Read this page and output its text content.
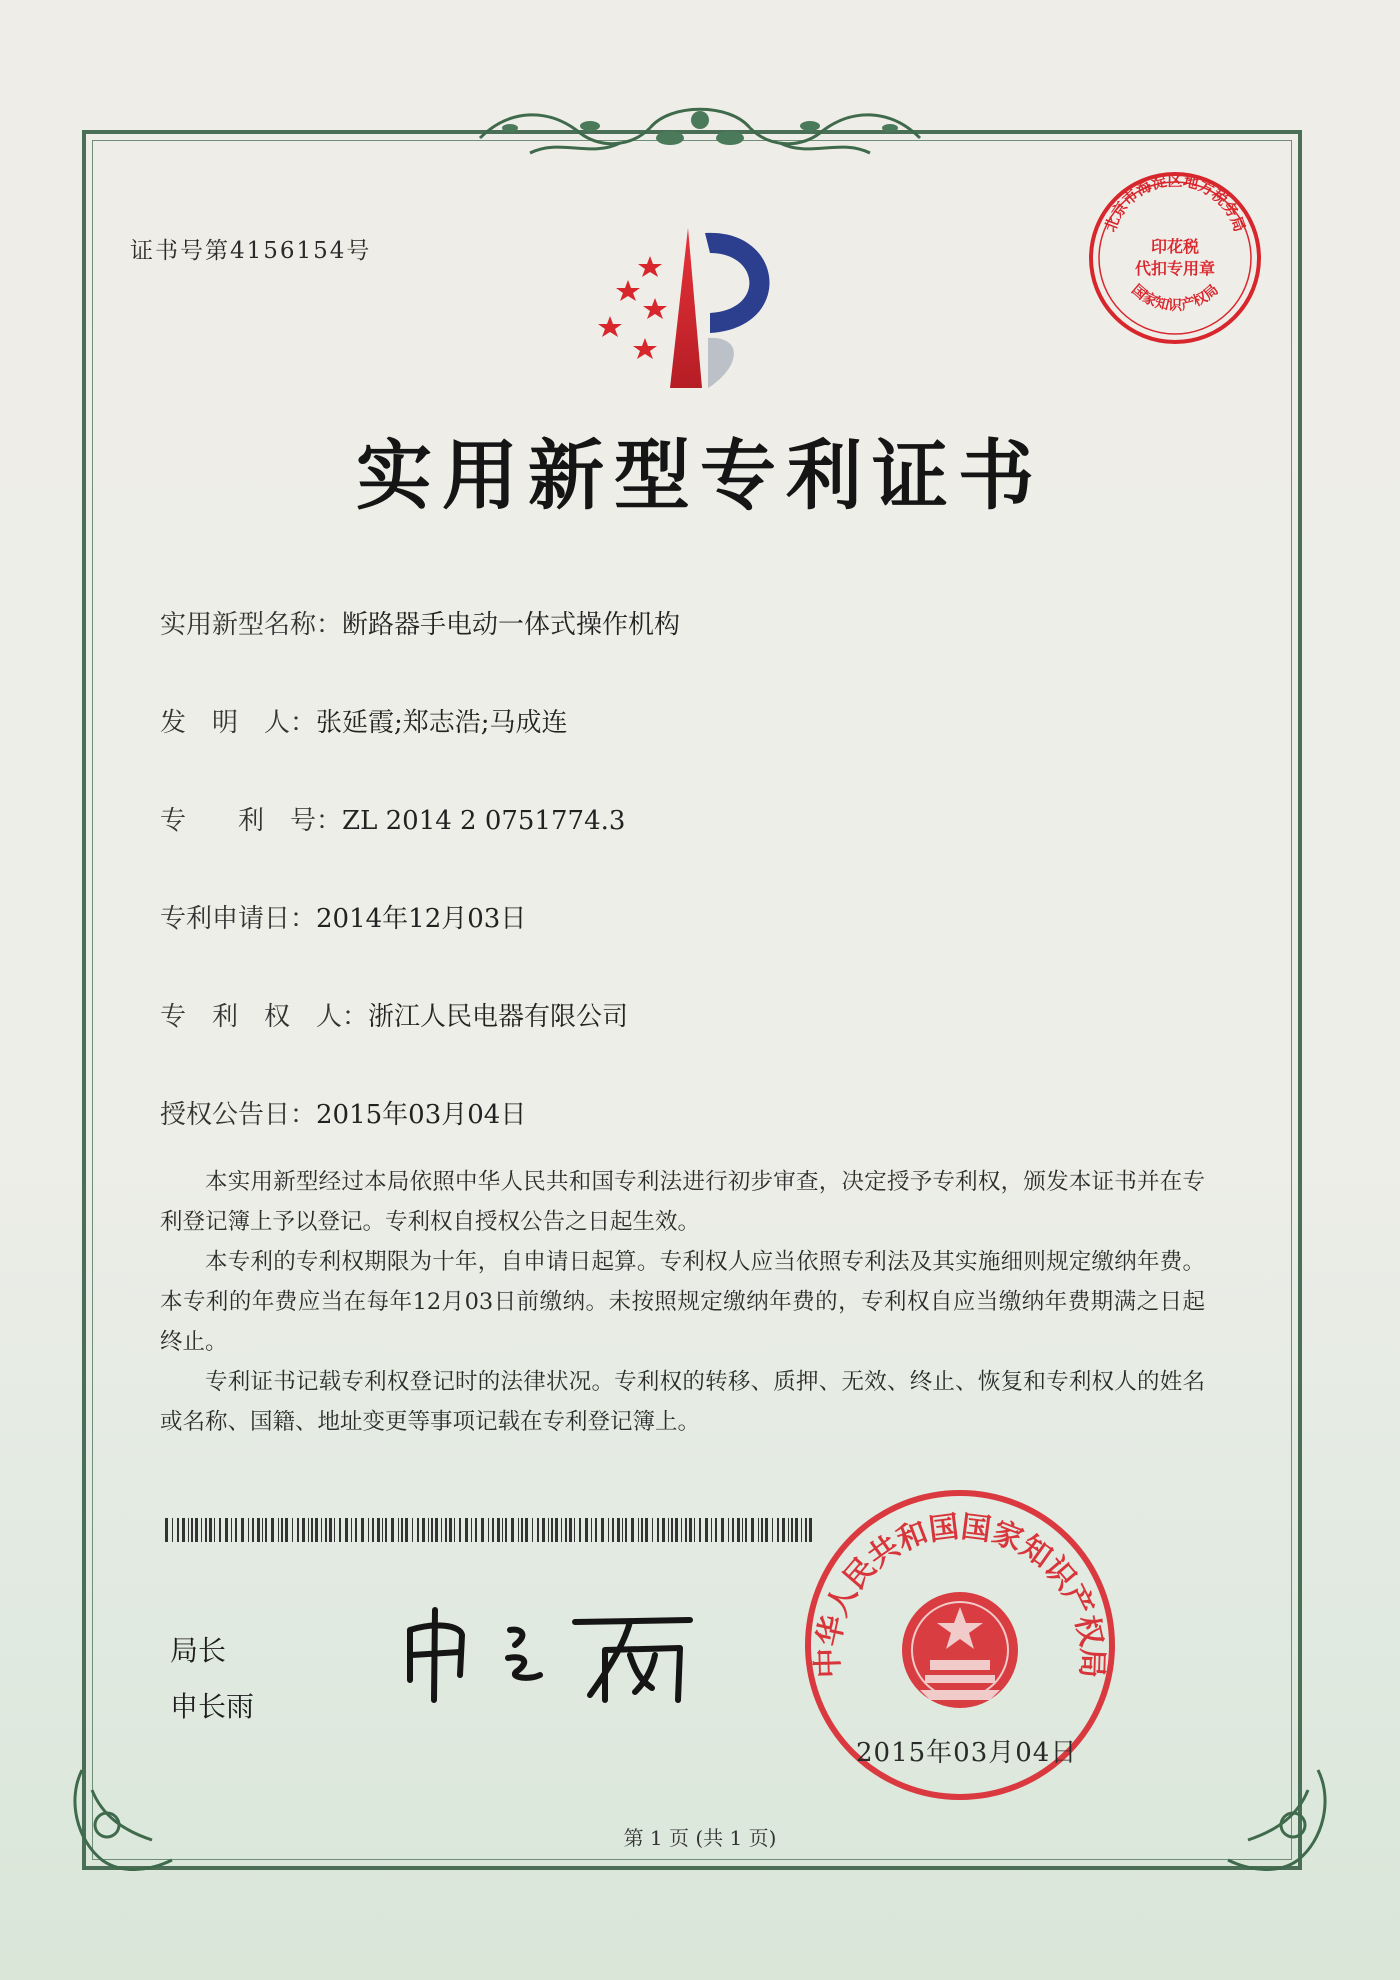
证书号第4156154号
北京市海淀区地方税务局
国家知识产权局
印花税
代扣专用章
实用新型专利证书
实用新型名称：断路器手电动一体式操作机构
发　明　人：张延霞;郑志浩;马成连
专　　利　号：ZL 2014 2 0751774.3
专利申请日：2014年12月03日
专　利　权　人：浙江人民电器有限公司
授权公告日：2015年03月04日

本实用新型经过本局依照中华人民共和国专利法进行初步审查，决定授予专利权，颁发本证书并在专利登记簿上予以登记。专利权自授权公告之日起生效。

本专利的专利权期限为十年，自申请日起算。专利权人应当依照专利法及其实施细则规定缴纳年费。本专利的年费应当在每年12月03日前缴纳。未按照规定缴纳年费的，专利权自应当缴纳年费期满之日起终止。

专利证书记载专利权登记时的法律状况。专利权的转移、质押、无效、终止、恢复和专利权人的姓名或名称、国籍、地址变更等事项记载在专利登记簿上。

局长
申长雨
中华人民共和国国家知识产权局
2015年03月04日
第 1 页 (共 1 页)
